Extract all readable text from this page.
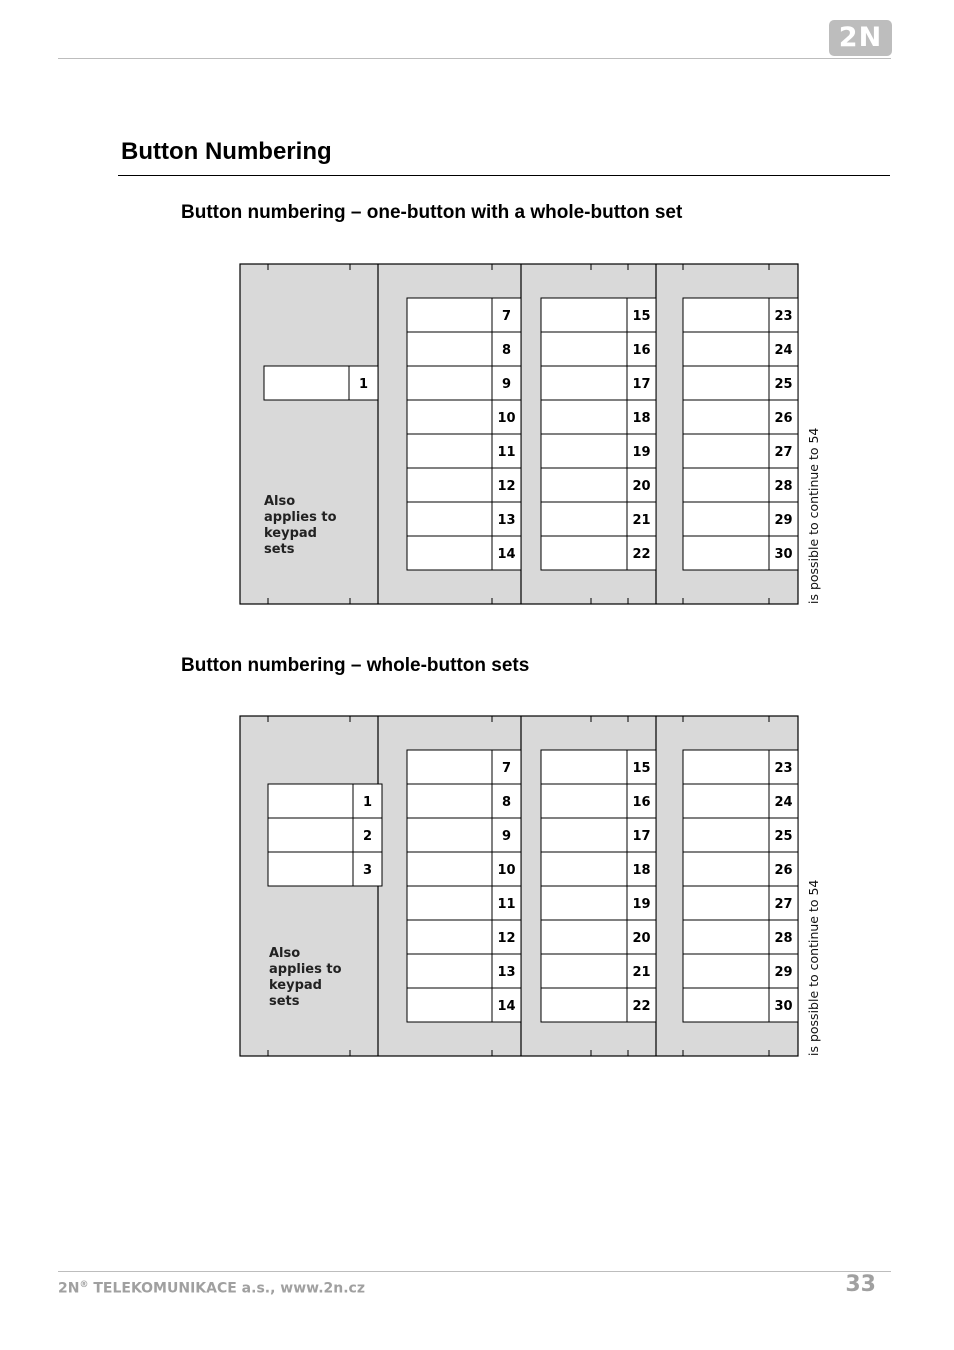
2N
Button Numbering
Button numbering – one-button with a whole-button set
7
8
9
10
11
12
13
14
15
16
17
18
19
20
21
22
23
24
25
26
27
28
29
30
1
Also
applies to
keypad
sets	is possible to continue to 54
Button numbering – whole-button sets
7
8
9
10
11
12
13
14
15
16
17
18
19
20
21
22
23
24
25
26
27
28
29
30
1
2
3
Also
applies to
keypad
sets	is possible to continue to 54
2N® TELEKOMUNIKACE a.s., www.2n.cz	33
